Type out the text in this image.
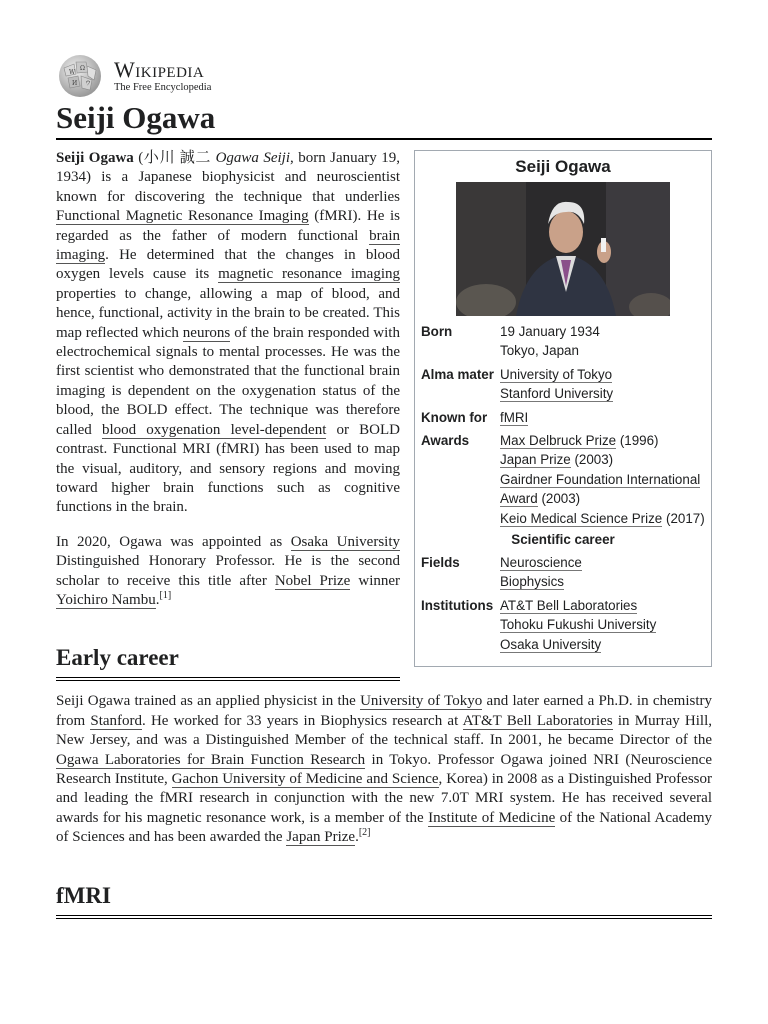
W
Ω
И ウ
Wikipedia
The Free Encyclopedia
Seiji Ogawa
Seiji Ogawa
Born	19 January 1934
Tokyo, Japan
Alma mater University of Tokyo
Stanford University
Known for fMRI
Awards	Max Delbruck Prize (1996)
Japan Prize (2003)
Gairdner Foundation International Award (2003)
Keio Medical Science Prize (2017)
Scientific career
Fields	Neuroscience
Biophysics
Institutions AT&T Bell Laboratories
Tohoku Fukushi University
Osaka University

Seiji Ogawa (小川 誠二 Ogawa Seiji, born January 19, 1934) is a Japanese biophysicist and neuroscientist known for discovering the technique that underlies Functional Magnetic Resonance Imaging (fMRI). He is regarded as the father of modern functional brain imaging. He determined that the changes in blood oxygen levels cause its magnetic resonance imaging properties to change, allowing a map of blood, and hence, functional, activity in the brain to be created. This map reflected which neurons of the brain responded with electrochemical signals to mental processes. He was the first scientist who demonstrated that the functional brain imaging is dependent on the oxygenation status of the blood, the BOLD effect. The technique was therefore called blood oxygenation level-dependent or BOLD contrast. Functional MRI (fMRI) has been used to map the visual, auditory, and sensory regions and moving toward higher brain functions such as cognitive functions in the brain.

In 2020, Ogawa was appointed as Osaka University Distinguished Honorary Professor. He is the second scholar to receive this title after Nobel Prize winner Yoichiro Nambu.[1]

Early career

Seiji Ogawa trained as an applied physicist in the University of Tokyo and later earned a Ph.D. in chemistry from Stanford. He worked for 33 years in Biophysics research at AT&T Bell Laboratories in Murray Hill, New Jersey, and was a Distinguished Member of the technical staff. In 2001, he became Director of the Ogawa Laboratories for Brain Function Research in Tokyo. Professor Ogawa joined NRI (Neuroscience Research Institute, Gachon University of Medicine and Science, Korea) in 2008 as a Distinguished Professor and leading the fMRI research in conjunction with the new 7.0T MRI system. He has received several awards for his magnetic resonance work, is a member of the Institute of Medicine of the National Academy of Sciences and has been awarded the Japan Prize.[2]

fMRI
